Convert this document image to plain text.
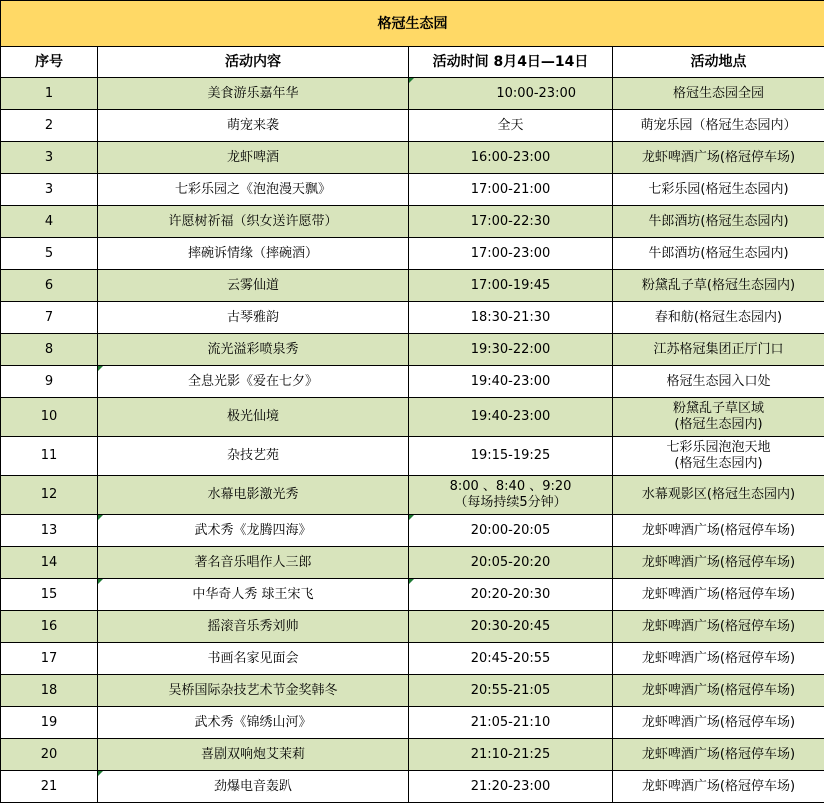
格冠生态园			
序号	活动内容	活动时间 8月4日—14日	活动地点
1	美食游乐嘉年华	10:00-23:00	格冠生态园全园
2	萌宠来袭	全天	萌宠乐园（格冠生态园内）
3	龙虾啤酒	16:00-23:00	龙虾啤酒广场(格冠停车场)
3	七彩乐园之《泡泡漫天飘》	17:00-21:00	七彩乐园(格冠生态园内)
4	许愿树祈福（织女送许愿带）	17:00-22:30	牛郎酒坊(格冠生态园内)
5	摔碗诉情缘（摔碗酒）	17:00-23:00	牛郎酒坊(格冠生态园内)
6	云雾仙道	17:00-19:45	粉黛乱子草(格冠生态园内)
7	古琴雅韵	18:30-21:30	春和舫(格冠生态园内)
8	流光溢彩喷泉秀	19:30-22:00	江苏格冠集团正厅门口
9	全息光影《爱在七夕》	19:40-23:00	格冠生态园入口处
10	极光仙境	19:40-23:00	粉黛乱子草区域
(格冠生态园内)
11	杂技艺苑	19:15-19:25	七彩乐园泡泡天地
(格冠生态园内)
12	水幕电影激光秀	8:00 、8:40 、9:20
（每场持续5分钟）	水幕观影区(格冠生态园内)
13	武术秀《龙腾四海》	20:00-20:05	龙虾啤酒广场(格冠停车场)
14	著名音乐唱作人三郎	20:05-20:20	龙虾啤酒广场(格冠停车场)
15	中华奇人秀 球王宋飞	20:20-20:30	龙虾啤酒广场(格冠停车场)
16	摇滚音乐秀刘帅	20:30-20:45	龙虾啤酒广场(格冠停车场)
17	书画名家见面会	20:45-20:55	龙虾啤酒广场(格冠停车场)
18	吴桥国际杂技艺术节金奖韩冬	20:55-21:05	龙虾啤酒广场(格冠停车场)
19	武术秀《锦绣山河》	21:05-21:10	龙虾啤酒广场(格冠停车场)
20	喜剧双响炮艾茉莉	21:10-21:25	龙虾啤酒广场(格冠停车场)
21	劲爆电音轰趴	21:20-23:00	龙虾啤酒广场(格冠停车场)
